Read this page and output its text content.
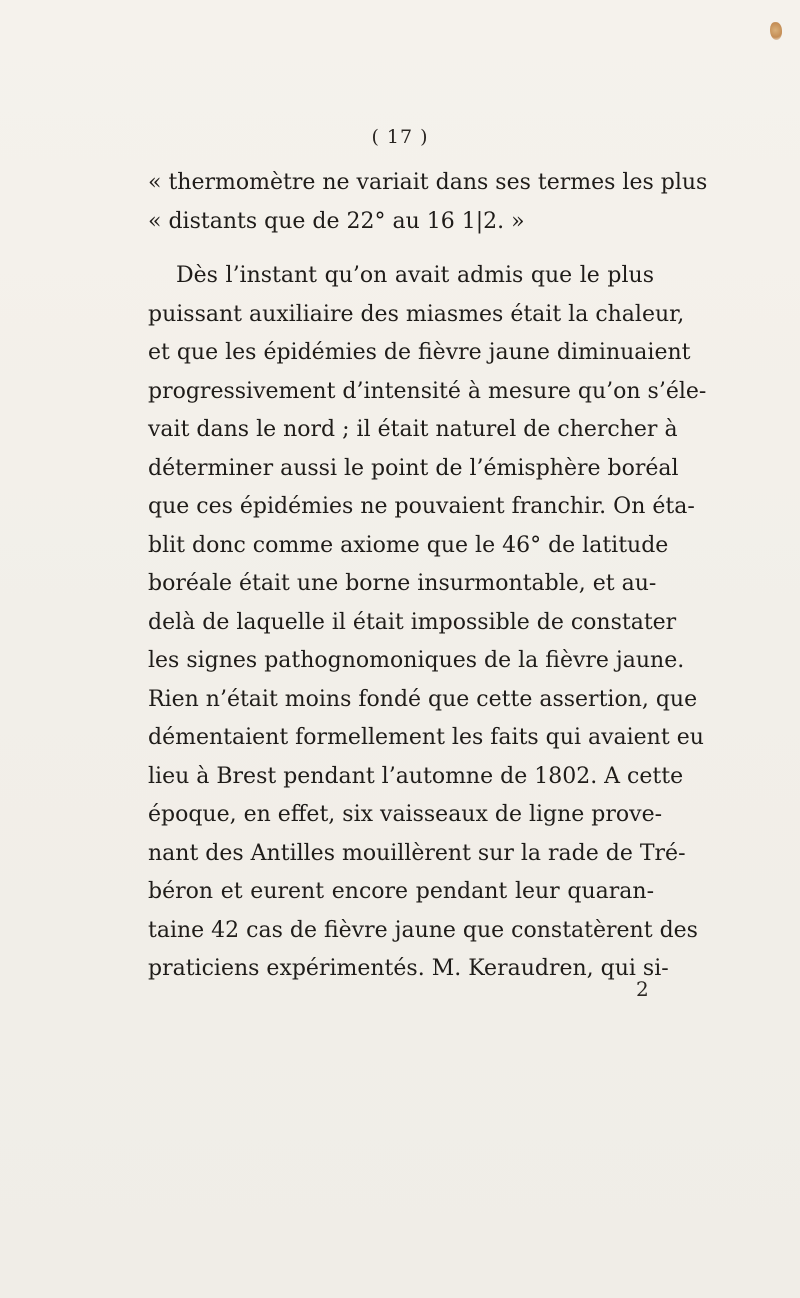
( 17 )
« thermomètre ne variait dans ses termes les plus
« distants que de 22° au 16 1|2. »
Dès l’instant qu’on avait admis que le plus
puissant auxiliaire des miasmes était la chaleur,
et que les épidémies de fièvre jaune diminuaient
progressivement d’intensité à mesure qu’on s’éle-
vait dans le nord ; il était naturel de chercher à
déterminer aussi le point de l’émisphère boréal
que ces épidémies ne pouvaient franchir. On éta-
blit donc comme axiome que le 46° de latitude
boréale était une borne insurmontable, et au-
delà de laquelle il était impossible de constater
les signes pathognomoniques de la fièvre jaune.
Rien n’était moins fondé que cette assertion, que
démentaient formellement les faits qui avaient eu
lieu à Brest pendant l’automne de 1802. A cette
époque, en effet, six vaisseaux de ligne prove-
nant des Antilles mouillèrent sur la rade de Tré-
béron et eurent encore pendant leur quaran-
taine 42 cas de fièvre jaune que constatèrent des
praticiens expérimentés. M. Keraudren, qui si-
2
